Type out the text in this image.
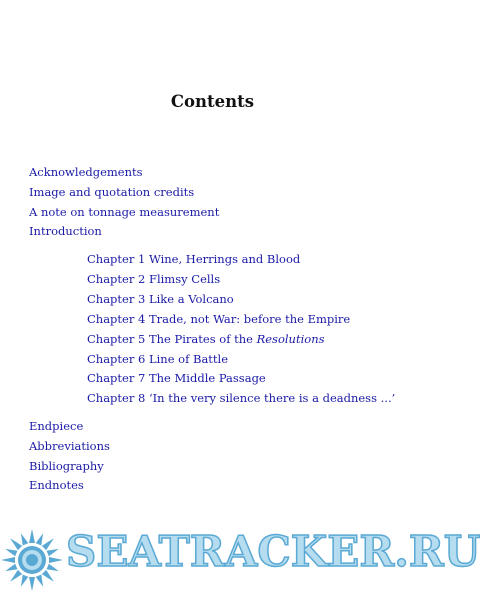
Contents
Acknowledgements
Image and quotation credits
A note on tonnage measurement
Introduction
Chapter 1 Wine, Herrings and Blood
Chapter 2 Flimsy Cells
Chapter 3 Like a Volcano
Chapter 4 Trade, not War: before the Empire
Chapter 5 The Pirates of the Resolutions
Chapter 6 Line of Battle
Chapter 7 The Middle Passage
Chapter 8 ‘In the very silence there is a deadness ...’
Endpiece
Abbreviations
Bibliography
Endnotes
SEATRACKER.RU
